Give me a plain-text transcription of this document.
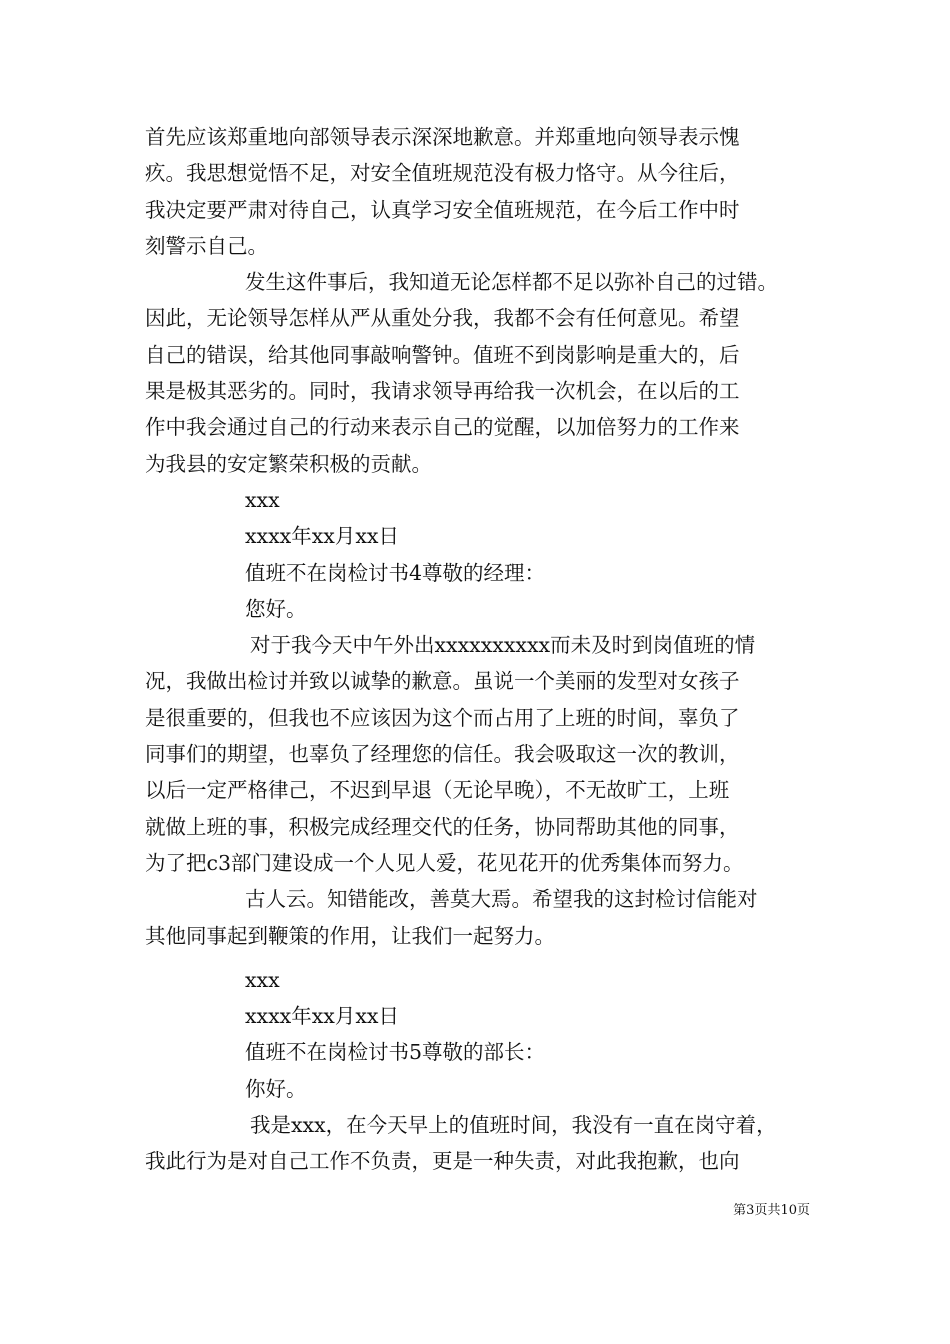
首先应该郑重地向部领导表示深深地歉意。并郑重地向领导表示愧
疚。我思想觉悟不足，对安全值班规范没有极力恪守。从今往后，
我决定要严肃对待自己，认真学习安全值班规范，在今后工作中时
刻警示自己。
发生这件事后，我知道无论怎样都不足以弥补自己的过错。
因此，无论领导怎样从严从重处分我，我都不会有任何意见。希望
自己的错误，给其他同事敲响警钟。值班不到岗影响是重大的，后
果是极其恶劣的。同时，我请求领导再给我一次机会，在以后的工
作中我会通过自己的行动来表示自己的觉醒，以加倍努力的工作来
为我县的安定繁荣积极的贡献。
xxx
xxxx年xx月xx日
值班不在岗检讨书4尊敬的经理：
您好。
对于我今天中午外出xxxxxxxxxx而未及时到岗值班的情
况，我做出检讨并致以诚挚的歉意。虽说一个美丽的发型对女孩子
是很重要的，但我也不应该因为这个而占用了上班的时间，辜负了
同事们的期望，也辜负了经理您的信任。我会吸取这一次的教训，
以后一定严格律己，不迟到早退（无论早晚），不无故旷工，上班
就做上班的事，积极完成经理交代的任务，协同帮助其他的同事，
为了把c3部门建设成一个人见人爱，花见花开的优秀集体而努力。
古人云。知错能改，善莫大焉。希望我的这封检讨信能对
其他同事起到鞭策的作用，让我们一起努力。
xxx
xxxx年xx月xx日
值班不在岗检讨书5尊敬的部长：
你好。
我是xxx，在今天早上的值班时间，我没有一直在岗守着，
我此行为是对自己工作不负责，更是一种失责，对此我抱歉，也向
第3页共10页
